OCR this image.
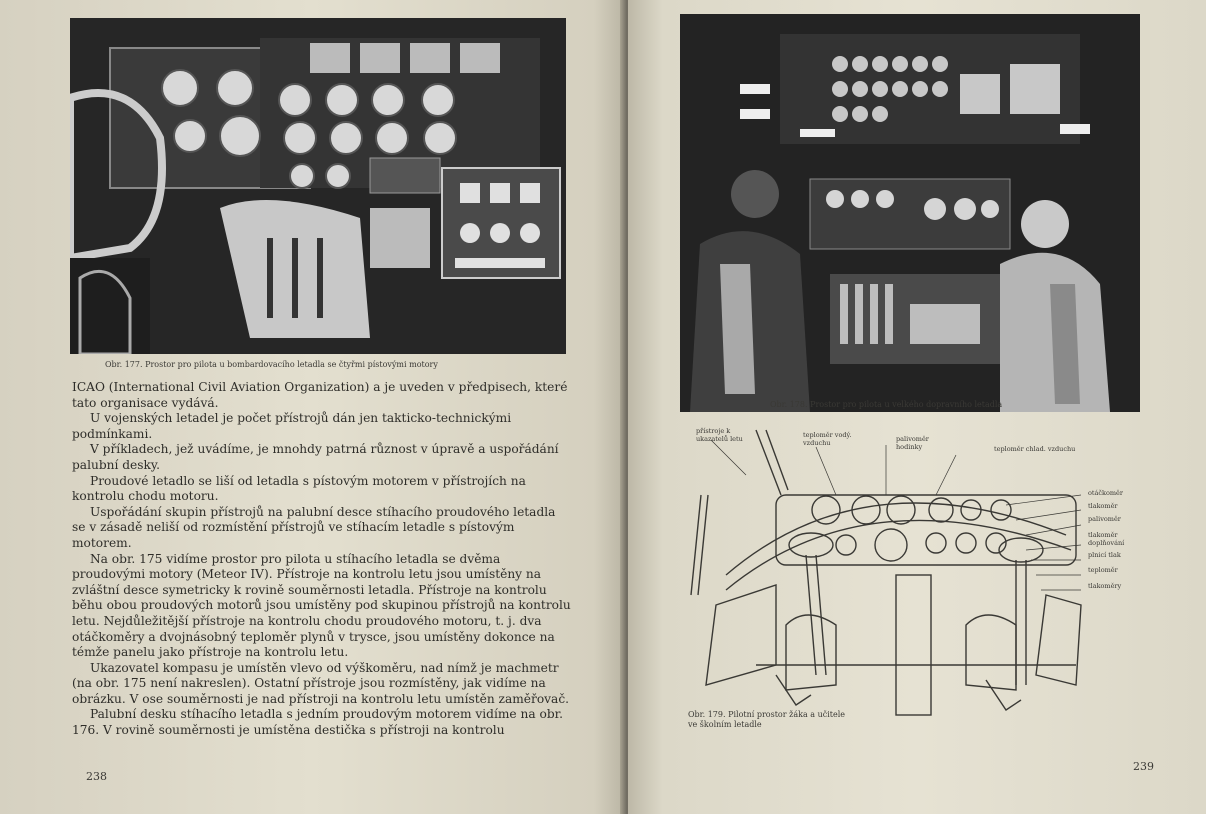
Obr. 177. Prostor pro pilota u bombardovacího letadla se čtyřmi pístovými motory

ICAO (International Civil Aviation Organization) a je uveden v předpisech, které tato organisace vydává.

U vojenských letadel je počet přístrojů dán jen takticko-technickými podmínkami.

V příkladech, jež uvádíme, je mnohdy patrná různost v úpravě a uspořádání palubní desky.

Proudové letadlo se liší od letadla s pístovým motorem v přístrojích na kontrolu chodu motoru.

Uspořádání skupin přístrojů na palubní desce stíhacího proudového letadla se v zásadě neliší od rozmístění přístrojů ve stíhacím letadle s pístovým motorem.

Na obr. 175 vidíme prostor pro pilota u stíhacího letadla se dvěma proudovými motory (Meteor IV). Přístroje na kontrolu letu jsou umístěny na zvláštní desce symetricky k rovině souměrnosti letadla. Přístroje na kontrolu běhu obou proudových motorů jsou umístěny pod skupinou přístrojů na kontrolu letu. Nejdůležitější přístroje na kontrolu chodu proudového motoru, t. j. dva otáčkoměry a dvojnásobný teploměr plynů v trysce, jsou umístěny dokonce na témže panelu jako přístroje na kontrolu letu.

Ukazovatel kompasu je umístěn vlevo od výškoměru, nad nímž je machmetr (na obr. 175 není nakreslen). Ostatní přístroje jsou rozmístěny, jak vidíme na obrázku. V ose souměrnosti je nad přístroji na kontrolu letu umístěn zaměřovač.

Palubní desku stíhacího letadla s jedním proudovým motorem vidíme na obr. 176. V rovině souměrnosti je umístěna destička s přístroji na kontrolu

238
Obr. 178. Prostor pro pilota u velkého dopravního letadla
přístroje k ukazatelů letu	teploměr vodý. vzduchu	palivoměr hodinky	teploměr chlad. vzduchu
otáčkoměr
tlakoměr
palivoměr
tlakoměr doplňování
plnicí tlak
teploměr
tlakoměry
Obr. 179. Pilotní prostor žáka a učitele ve školním letadle
239
